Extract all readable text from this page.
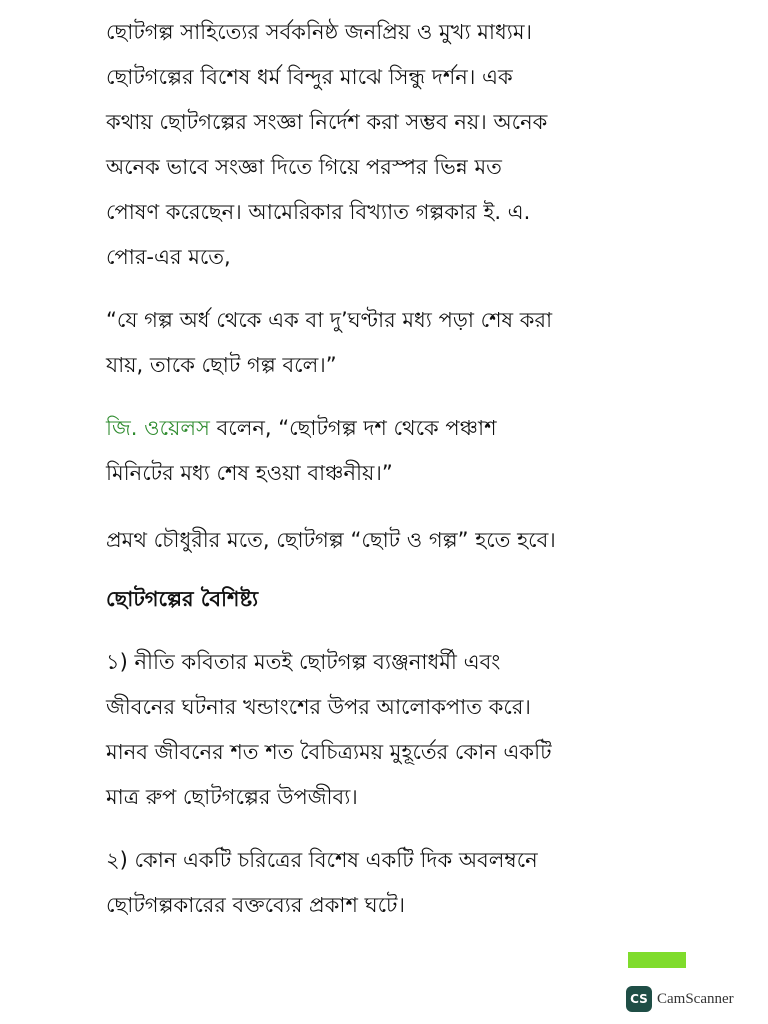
ছোটগল্প সাহিত্যের সর্বকনিষ্ঠ জনপ্রিয় ও মুখ্য মাধ্যম।
ছোটগল্পের বিশেষ ধর্ম বিন্দুর মাঝে সিন্ধু দর্শন। এক
কথায় ছোটগল্পের সংজ্ঞা নির্দেশ করা সম্ভব নয়। অনেক
অনেক ভাবে সংজ্ঞা দিতে গিয়ে পরস্পর ভিন্ন মত
পোষণ করেছেন। আমেরিকার বিখ্যাত গল্পকার ই. এ.
পোর-এর মতে,
“যে গল্প অর্ধ থেকে এক বা দু’ঘণ্টার মধ্য পড়া শেষ করা
যায়, তাকে ছোট গল্প বলে।”
জি. ওয়েলস বলেন, “ছোটগল্প দশ থেকে পঞ্চাশ
মিনিটের মধ্য শেষ হওয়া বাঞ্চনীয়।”
প্রমথ চৌধুরীর মতে, ছোটগল্প “ছোট ও গল্প” হতে হবে।
ছোটগল্পের বৈশিষ্ট্য
১) নীতি কবিতার মতই ছোটগল্প ব্যঞ্জনাধর্মী এবং
জীবনের ঘটনার খন্ডাংশের উপর আলোকপাত করে।
মানব জীবনের শত শত বৈচিত্র্যময় মুহূর্তের কোন একটি
মাত্র রুপ ছোটগল্পের উপজীব্য।
২) কোন একটি চরিত্রের বিশেষ একটি দিক অবলম্বনে
ছোটগল্পকারের বক্তব্যের প্রকাশ ঘটে।
CS CamScanner
